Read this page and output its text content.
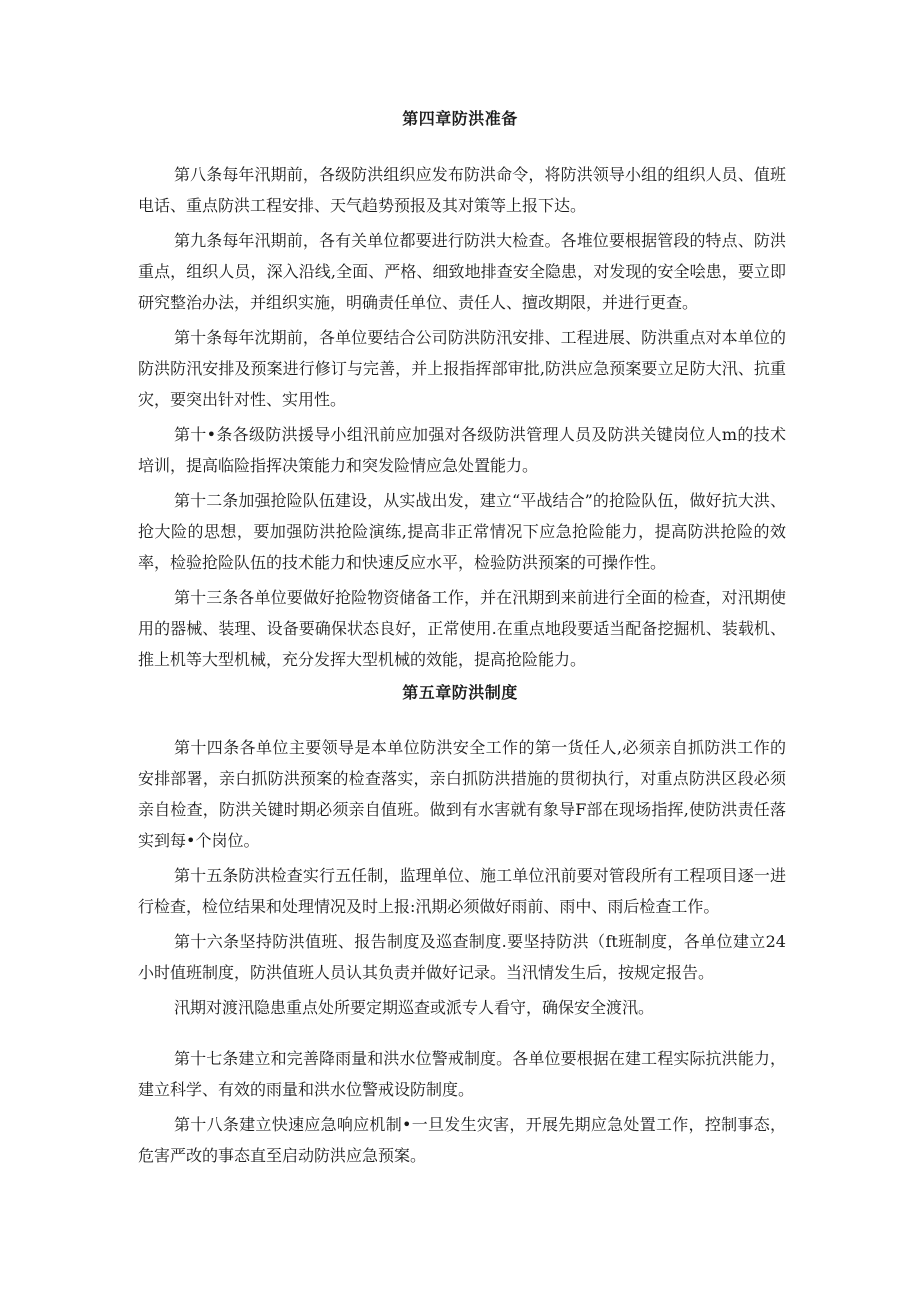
第四章防洪准备

第八条每年汛期前，各级防洪组织应发布防洪命令，将防洪领导小组的组织人员、值班电话、重点防洪工程安排、天气趋势预报及其对策等上报下达。

第九条每年汛期前，各有关单位都要进行防洪大检查。各堆位要根据管段的特点、防洪重点，组织人员，深入沿线,全面、严格、细致地排查安全隐患，对发现的安全哙患，要立即研究整治办法，并组织实施，明确责任单位、责任人、擅改期限，并进行更查。

第十条每年沈期前，各单位要结合公司防洪防汛安排、工程进展、防洪重点对本单位的防洪防汛安排及预案进行修订与完善，并上报指挥部审批,防洪应急预案要立足防大汛、抗重灾，要突出针对性、实用性。

第十•条各级防洪援导小组汛前应加强对各级防洪管理人员及防洪关键岗位人m的技术培训，提高临险指挥决策能力和突发险情应急处置能力。

第十二条加强抢险队伍建设，从实战出发，建立“平战结合”的抢险队伍，做好抗大洪、抢大险的思想，要加强防洪抢险演练,提高非正常情况下应急抢险能力，提高防洪抢险的效率，检验抢险队伍的技术能力和快速反应水平，检验防洪预案的可操作性。

第十三条各单位要做好抢险物资储备工作，并在汛期到来前进行全面的检查，对汛期使用的器械、装理、设备要确保状态良好，正常使用.在重点地段要适当配备挖掘机、装载机、推上机等大型机械，充分发挥大型机械的效能，提高抢险能力。

第五章防洪制度

第十四条各单位主要领导是本单位防洪安全工作的第一货任人,必须亲自抓防洪工作的安排部署，亲白抓防洪预案的检查落实，亲白抓防洪措施的贯彻执行，对重点防洪区段必须亲自检查，防洪关键时期必须亲自值班。做到有水害就有象导F部在现场指挥,使防洪责任落实到每•个岗位。

第十五条防洪检查实行五任制，监理单位、施工单位汛前要对管段所有工程项目逐一进行检查，检位结果和处理情况及时上报:汛期必须做好雨前、雨中、雨后检查工作。

第十六条坚持防洪值班、报告制度及巡查制度.要坚持防洪（ft班制度，各单位建立24小时值班制度，防洪值班人员认其负责并做好记录。当汛情发生后，按规定报告。

汛期对渡汛隐患重点处所要定期巡查或派专人看守，确保安全渡汛。

第十七条建立和完善降雨量和洪水位警戒制度。各单位要根据在建工程实际抗洪能力，建立科学、有效的雨量和洪水位警戒设防制度。

第十八条建立快速应急响应机制•一旦发生灾害，开展先期应急处置工作，控制事态，危害严改的事态直至启动防洪应急预案。
